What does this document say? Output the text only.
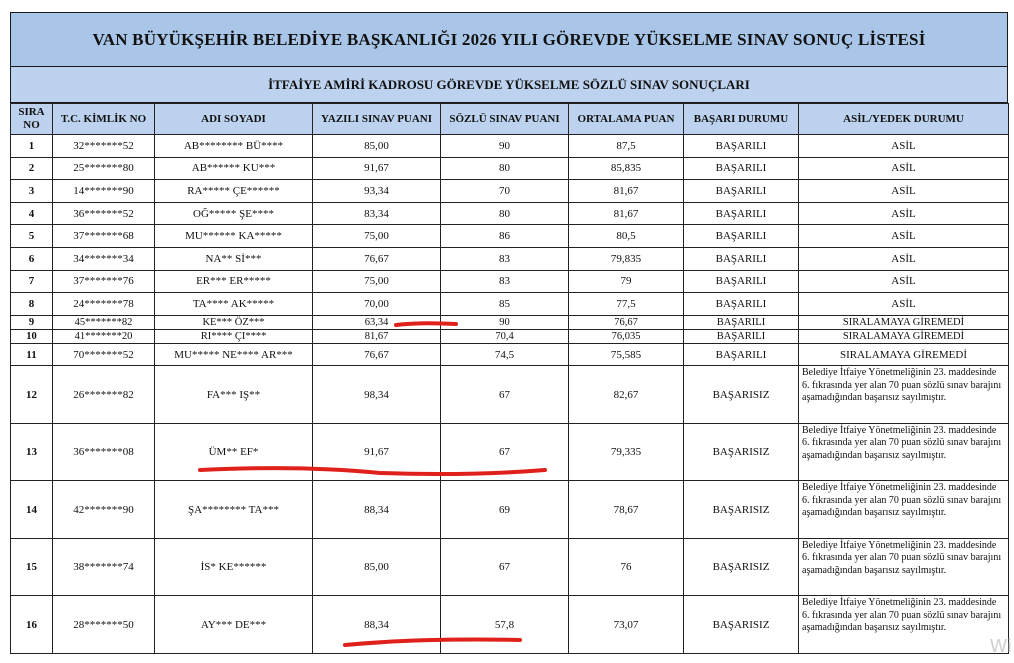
VAN BÜYÜKŞEHİR BELEDİYE BAŞKANLIĞI 2026 YILI GÖREVDE YÜKSELME SINAV SONUÇ LİSTESİ
İTFAİYE AMİRİ KADROSU GÖREVDE YÜKSELME SÖZLÜ SINAV SONUÇLARI
SIRA NO	T.C. KİMLİK NO	ADI SOYADI	YAZILI SINAV PUANI	SÖZLÜ SINAV PUANI	ORTALAMA PUAN	BAŞARI DURUMU	ASİL/YEDEK DURUMU
1	32*******52	AB******** BÜ****	85,00	90	87,5	BAŞARILI	ASİL
2	25*******80	AB****** KU***	91,67	80	85,835	BAŞARILI	ASİL
3	14*******90	RA***** ÇE******	93,34	70	81,67	BAŞARILI	ASİL
4	36*******52	OĞ***** ŞE****	83,34	80	81,67	BAŞARILI	ASİL
5	37*******68	MU****** KA*****	75,00	86	80,5	BAŞARILI	ASİL
6	34*******34	NA** Sİ***	76,67	83	79,835	BAŞARILI	ASİL
7	37*******76	ER*** ER*****	75,00	83	79	BAŞARILI	ASİL
8	24*******78	TA**** AK*****	70,00	85	77,5	BAŞARILI	ASİL
9	45*******82	KE*** ÖZ***	63,34	90	76,67	BAŞARILI	SIRALAMAYA GİREMEDİ
10	41*******20	RI**** ÇI****	81,67	70,4	76,035	BAŞARILI	SIRALAMAYA GİREMEDİ
11	70*******52	MU***** NE**** AR***	76,67	74,5	75,585	BAŞARILI	SIRALAMAYA GİREMEDİ
12	26*******82	FA*** IŞ**	98,34	67	82,67	BAŞARISIZ	Belediye İtfaiye Yönetmeliğinin 23. maddesinde 6. fıkrasında yer alan 70 puan sözlü sınav barajını aşamadığından başarısız sayılmıştır.
13	36*******08	ÜM** EF*	91,67	67	79,335	BAŞARISIZ	Belediye İtfaiye Yönetmeliğinin 23. maddesinde 6. fıkrasında yer alan 70 puan sözlü sınav barajını aşamadığından başarısız sayılmıştır.
14	42*******90	ŞA******** TA***	88,34	69	78,67	BAŞARISIZ	Belediye İtfaiye Yönetmeliğinin 23. maddesinde 6. fıkrasında yer alan 70 puan sözlü sınav barajını aşamadığından başarısız sayılmıştır.
15	38*******74	İS* KE******	85,00	67	76	BAŞARISIZ	Belediye İtfaiye Yönetmeliğinin 23. maddesinde 6. fıkrasında yer alan 70 puan sözlü sınav barajını aşamadığından başarısız sayılmıştır.
16	28*******50	AY*** DE***	88,34	57,8	73,07	BAŞARISIZ	Belediye İtfaiye Yönetmeliğinin 23. maddesinde 6. fıkrasında yer alan 70 puan sözlü sınav barajını aşamadığından başarısız sayılmıştır.
Wi
